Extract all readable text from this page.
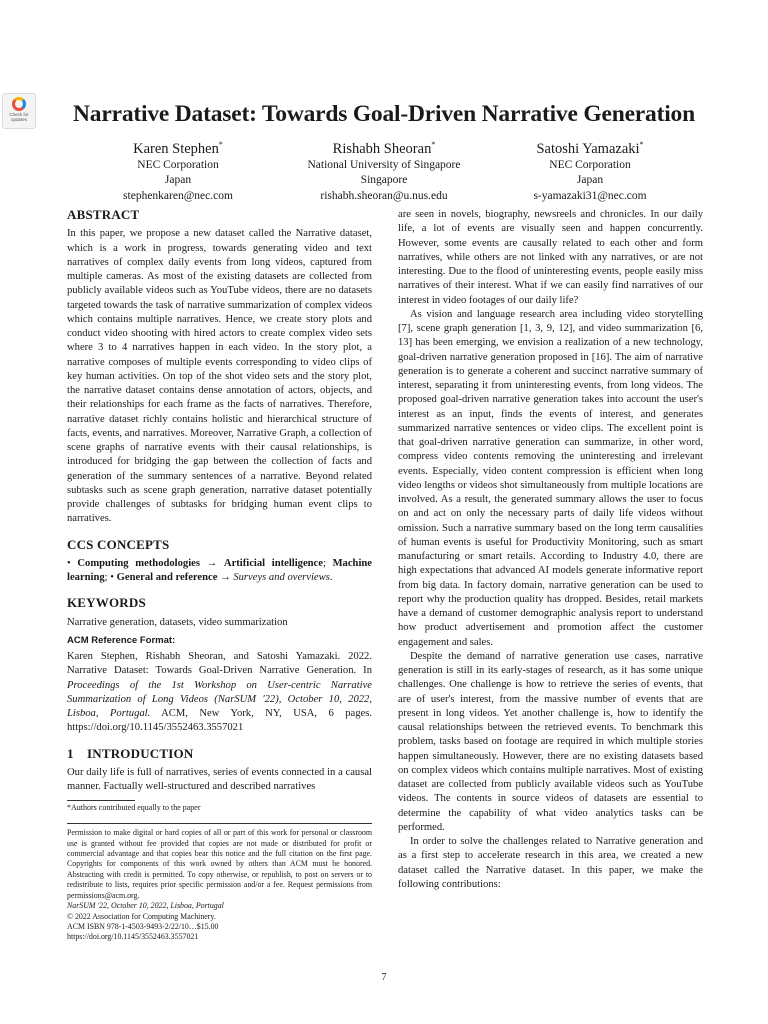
Check for
updates	Narrative Dataset: Towards Goal-Driven Narrative Generation
Karen Stephen*
NEC Corporation
Japan
stephenkaren@nec.com
Rishabh Sheoran*
National University of Singapore
Singapore
rishabh.sheoran@u.nus.edu
Satoshi Yamazaki*
NEC Corporation
Japan
s-yamazaki31@nec.com
ABSTRACT

In this paper, we propose a new dataset called the Narrative dataset, which is a work in progress, towards generating video and text narratives of complex daily events from long videos, captured from multiple cameras. As most of the existing datasets are collected from publicly available videos such as YouTube videos, there are no datasets targeted towards the task of narrative summarization of complex videos which contains multiple narratives. Hence, we create story plots and conduct video shooting with hired actors to create complex video sets where 3 to 4 narratives happen in each video. In the story plot, a narrative composes of multiple events corresponding to video clips of key human activities. On top of the shot video sets and the story plot, the narrative dataset contains dense annotation of actors, objects, and their relationships for each frame as the facts of narratives. Therefore, narrative dataset richly contains holistic and hierarchical structure of facts, events, and narratives. Moreover, Narrative Graph, a collection of scene graphs of narrative events with their causal relationships, is introduced for bridging the gap between the collection of facts and generation of the summary sentences of a narrative. Beyond related subtasks such as scene graph generation, narrative dataset potentially provide challenges of subtasks for bridging human event clips to narratives.

CCS CONCEPTS

• Computing methodologies → Artificial intelligence; Machine learning; • General and reference → Surveys and overviews.

KEYWORDS

Narrative generation, datasets, video summarization

ACM Reference Format:

Karen Stephen, Rishabh Sheoran, and Satoshi Yamazaki. 2022. Narrative Dataset: Towards Goal-Driven Narrative Generation. In Proceedings of the 1st Workshop on User-centric Narrative Summarization of Long Videos (NarSUM '22), October 10, 2022, Lisboa, Portugal. ACM, New York, NY, USA, 6 pages. https://doi.org/10.1145/3552463.3557021

1 INTRODUCTION

Our daily life is full of narratives, series of events connected in a causal manner. Factually well-structured and described narratives

*Authors contributed equally to the paper
Permission to make digital or hard copies of all or part of this work for personal or classroom use is granted without fee provided that copies are not made or distributed for profit or commercial advantage and that copies bear this notice and the full citation on the first page. Copyrights for components of this work owned by others than ACM must be honored. Abstracting with credit is permitted. To copy otherwise, or republish, to post on servers or to redistribute to lists, requires prior specific permission and/or a fee. Request permissions from permissions@acm.org.
NarSUM '22, October 10, 2022, Lisboa, Portugal
© 2022 Association for Computing Machinery.
ACM ISBN 978-1-4503-9493-2/22/10…$15.00
https://doi.org/10.1145/3552463.3557021

are seen in novels, biography, newsreels and chronicles. In our daily life, a lot of events are visually seen and happen concurrently. However, some events are causally related to each other and form narratives, while others are not linked with any narratives, or are not interesting. Due to the flood of uninteresting events, people easily miss narratives of their interest. What if we can easily find narratives of our interest in video footages of our daily life?

As vision and language research area including video storytelling [7], scene graph generation [1, 3, 9, 12], and video summarization [6, 13] has been emerging, we envision a realization of a new technology, goal-driven narrative generation proposed in [16]. The aim of narrative generation is to generate a coherent and succinct narrative summary of interest, separating it from uninteresting events, from long videos. The proposed goal-driven narrative generation takes into account the user's interest as an input, finds the events of interest, and generates summarized narrative sentences or video clips. The excellent point is that goal-driven narrative generation can summarize, in other word, compress video contents removing the uninteresting and irrelevant events. Especially, video content compression is efficient when long video lengths or videos shot simultaneously from multiple locations are involved. As a result, the generated summary allows the user to focus on and act on only the necessary parts of daily life videos without omission. Such a narrative summary based on the long term causalities of human events is useful for Productivity Monitoring, such as smart manufacturing or smart retails. According to Industry 4.0, there are high expectations that advanced AI models generate informative report from big data. In factory domain, narrative generation can be used to report why the production quality has dropped. Besides, retail markets have a demand of customer demographic analysis report to understand how product advertisement and promotion affect the customer engagement and sales.

Despite the demand of narrative generation use cases, narrative generation is still in its early-stages of research, as it has some unique challenges. One challenge is how to retrieve the series of events, that are of user's interest, from the massive number of events that are present in long videos. Yet another challenge is, how to identify the causal relationships between the retrieved events. To benchmark this problem, tasks based on footage are required in which multiple stories happen simultaneously. However, there are no existing datasets based on complex videos which contains multiple narratives. Most of existing dataset are collected from publicly available videos such as YouTube videos. The contents in source videos of datasets are essential to determine the capability of what video analytics tasks can be performed.

In order to solve the challenges related to Narrative generation and as a first step to accelerate research in this area, we created a new dataset called the Narrative dataset. In this paper, we make the following contributions:

7
